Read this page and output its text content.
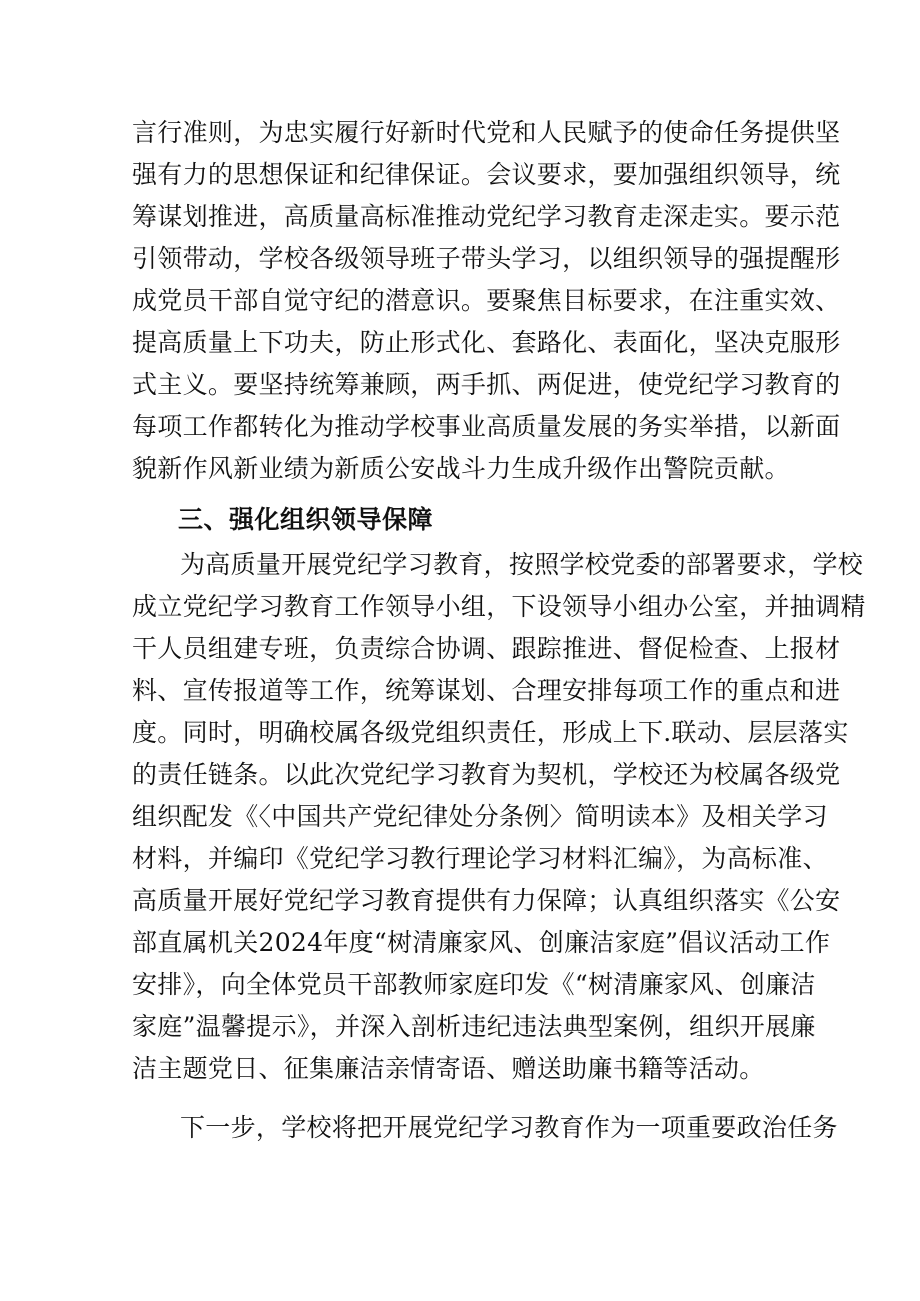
言行准则，为忠实履行好新时代党和人民赋予的使命任务提供坚
强有力的思想保证和纪律保证。会议要求，要加强组织领导，统
筹谋划推进，高质量高标准推动党纪学习教育走深走实。要示范
引领带动，学校各级领导班子带头学习，以组织领导的强提醒形
成党员干部自觉守纪的潜意识。要聚焦目标要求，在注重实效、
提高质量上下功夫，防止形式化、套路化、表面化，坚决克服形
式主义。要坚持统筹兼顾，两手抓、两促进，使党纪学习教育的
每项工作都转化为推动学校事业高质量发展的务实举措，以新面
貌新作风新业绩为新质公安战斗力生成升级作出警院贡献。
三、强化组织领导保障
为高质量开展党纪学习教育，按照学校党委的部署要求，学校
成立党纪学习教育工作领导小组，下设领导小组办公室，并抽调精
干人员组建专班，负责综合协调、跟踪推进、督促检查、上报材
料、宣传报道等工作，统筹谋划、合理安排每项工作的重点和进
度。同时，明确校属各级党组织责任，形成上下.联动、层层落实
的责任链条。以此次党纪学习教育为契机，学校还为校属各级党
组织配发《〈中国共产党纪律处分条例〉简明读本》及相关学习
材料，并编印《党纪学习教行理论学习材料汇编》，为高标准、
高质量开展好党纪学习教育提供有力保障；认真组织落实《公安
部直属机关2024年度“树清廉家风、创廉洁家庭”倡议活动工作
安排》，向全体党员干部教师家庭印发《“树清廉家风、创廉洁
家庭”温馨提示》，并深入剖析违纪违法典型案例，组织开展廉
洁主题党日、征集廉洁亲情寄语、赠送助廉书籍等活动。
下一步，学校将把开展党纪学习教育作为一项重要政治任务
